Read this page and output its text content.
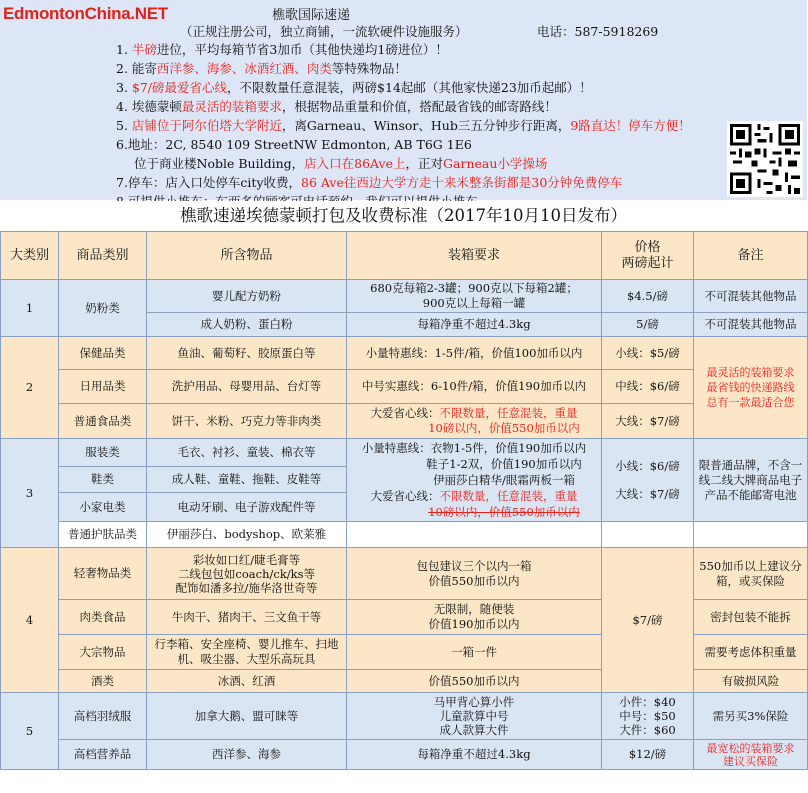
EdmontonChina.NET	樵歌国际速递
（正规注册公司，独立商铺，一流软硬件设施服务）	电话：587-5918269
1. 半磅进位，平均每箱节省3加币（其他快递均1磅进位）！
2. 能寄西洋参、海参、冰酒红酒、肉类等特殊物品！
3. $7/磅最爱省心线，不限数量任意混装，两磅$14起邮（其他家快递23加币起邮）！
4. 埃德蒙顿最灵活的装箱要求，根据物品重量和价值，搭配最省钱的邮寄路线！
5. 店铺位于阿尔伯塔大学附近，离Garneau、Winsor、Hub三五分钟步行距离，9路直达！停车方便！
6.地址：2C, 8540 109 StreetNW Edmonton, AB T6G 1E6
位于商业楼Noble Building，店入口在86Ave上，正对Garneau小学操场
7.停车：店入口处停车city收费，86 Ave往西边大学方走十来米整条街都是30分钟免费停车
樵歌速递埃德蒙顿打包及收费标准（2017年10月10日发布）
大类别	商品类别	所含物品	装箱要求	价格
两磅起计	备注
1	奶粉类	婴儿配方奶粉	680克每箱2-3罐；900克以下每箱2罐；
900克以上每箱一罐	$4.5/磅	不可混装其他物品
		成人奶粉、蛋白粉	每箱净重不超过4.3kg	5/磅	不可混装其他物品
2	保健品类	鱼油、葡萄籽、胶原蛋白等	小量特惠线：1-5件/箱，价值100加币以内	小线：$5/磅	最灵活的装箱要求
最省钱的快递路线
总有一款最适合您
	日用品类	洗护用品、母婴用品、台灯等	中号实惠线：6-10件/箱，价值190加币以内	中线：$6/磅	
	普通食品类	饼干、米粉、巧克力等非肉类	大爱省心线：不限数量，任意混装，重量
10磅以内，价值550加币以内	大线：$7/磅	
3	服装类	毛衣、衬衫、童装、棉衣等	小量特惠线：衣物1-5件，价值190加币以内
鞋子1-2双，价值190加币以内
伊丽莎白精华/眼霜两板一箱
大爱省心线：不限数量，任意混装，重量
10磅以内，价值550加币以内	小线：$6/磅
大线：$7/磅	限普通品牌，不含一线二线大牌商品电子产品不能邮寄电池
	鞋类	成人鞋、童鞋、拖鞋、皮鞋等			
	小家电类	电动牙刷、电子游戏配件等			
	普通护肤品类	伊丽莎白、bodyshop、欧莱雅			
4	轻奢物品类	彩妆如口红/睫毛膏等
二线包包如coach/ck/ks等
配饰如潘多拉/施华洛世奇等	包包建议三个以内一箱
价值550加币以内	$7/磅	550加币以上建议分箱，或买保险
	肉类食品	牛肉干、猪肉干、三文鱼干等	无限制，随便装
价值190加币以内		密封包装不能拆
	大宗物品	行李箱、安全座椅、婴儿推车、扫地机、吸尘器、大型乐高玩具	一箱一件		需要考虑体积重量
	酒类	冰酒、红酒	价值550加币以内		有破损风险
5	高档羽绒服	加拿大鹅、盟可睐等	马甲背心算小件
儿童款算中号
成人款算大件	小件：$40
中号：$50
大件：$60	需另买3%保险
	高档营养品	西洋参、海参	每箱净重不超过4.3kg	$12/磅	最宽松的装箱要求
建议买保险
